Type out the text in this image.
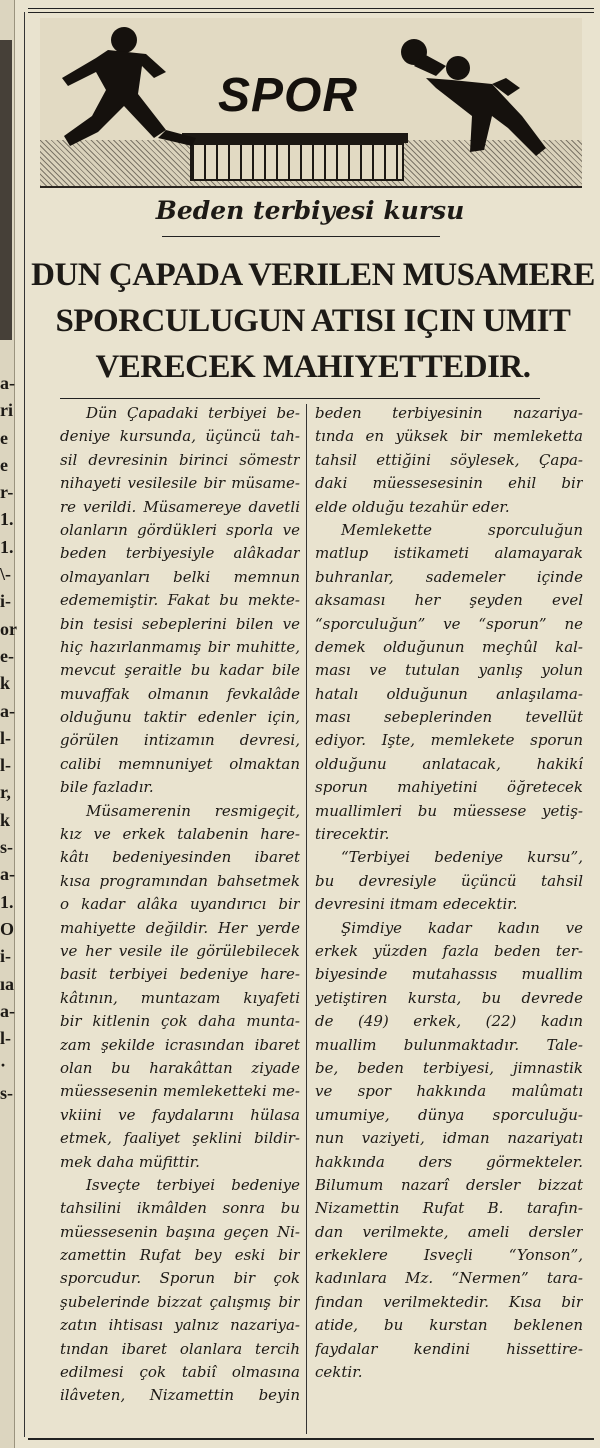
a-
ri
e
e
r-
1.
1.
\-
i-
or
e-
k
a-
l-
l-
r,
k
s-
a-
1.
O
i-
ıa
a-
l-
·
s-
SPOR
Beden terbiyesi kursu
DUN ÇAPADA VERILEN MUSAMERE
SPORCULUGUN ATISI IÇIN UMIT
VERECEK MAHIYETTEDIR.
Dün Çapadaki terbiyei be-
deniye kursunda, üçüncü tah-
sil devresinin birinci sömestr
nihayeti vesilesile bir müsame-
re verildi. Müsamereye davetli
olanların gördükleri sporla ve
beden terbiyesiyle alâkadar
olmayanları belki memnun
edememiştir. Fakat bu mekte-
bin tesisi sebeplerini bilen ve
hiç hazırlanmamış bir muhitte,
mevcut şeraitle bu kadar bile
muvaffak olmanın fevkalâde
olduğunu taktir edenler için,
görülen intizamın devresi,
calibi memnuniyet olmaktan
bile fazladır.
Müsamerenin resmigeçit,
kız ve erkek talabenin hare-
kâtı bedeniyesinden ibaret
kısa programından bahsetmek
o kadar alâka uyandırıcı bir
mahiyette değildir. Her yerde
ve her vesile ile görülebilecek
basit terbiyei bedeniye hare-
kâtının, muntazam kıyafeti
bir kitlenin çok daha munta-
zam şekilde icrasından ibaret
olan bu harakâttan ziyade
müessesenin memleketteki me-
vkiini ve faydalarını hülasa
etmek, faaliyet şeklini bildir-
mek daha müfittir.
Isveçte terbiyei bedeniye
tahsilini ikmâlden sonra bu
müessesenin başına geçen Ni-
zamettin Rufat bey eski bir
sporcudur. Sporun bir çok
şubelerinde bizzat çalışmış bir
zatın ihtisası yalnız nazariya-
tından ibaret olanlara tercih
edilmesi çok tabiî olmasına
ilâveten, Nizamettin beyin
beden terbiyesinin nazariya-
tında en yüksek bir memleketta
tahsil ettiğini söylesek, Çapa-
daki müessesesinin ehil bir
elde olduğu tezahür eder.
Memlekette sporculuğun
matlup istikameti alamayarak
buhranlar, sademeler içinde
aksaması her şeyden evel
“sporculuğun” ve “sporun” ne
demek olduğunun meçhûl kal-
ması ve tutulan yanlış yolun
hatalı olduğunun anlaşılama-
ması sebeplerinden tevellüt
ediyor. Işte, memlekete sporun
olduğunu anlatacak, hakikî
sporun mahiyetini öğretecek
muallimleri bu müessese yetiş-
tirecektir.
“Terbiyei bedeniye kursu”,
bu devresiyle üçüncü tahsil
devresini itmam edecektir.
Şimdiye kadar kadın ve
erkek yüzden fazla beden ter-
biyesinde mutahassıs muallim
yetiştiren kursta, bu devrede
de (49) erkek, (22) kadın
muallim bulunmaktadır. Tale-
be, beden terbiyesi, jimnastik
ve spor hakkında malûmatı
umumiye, dünya sporculuğu-
nun vaziyeti, idman nazariyatı
hakkında ders görmekteler.
Bilumum nazarî dersler bizzat
Nizamettin Rufat B. tarafın-
dan verilmekte, ameli dersler
erkeklere Isveçli “Yonson”,
kadınlara Mz. “Nermen” tara-
fından verilmektedir. Kısa bir
atide, bu kurstan beklenen
faydalar kendini hissettire-
cektir.
